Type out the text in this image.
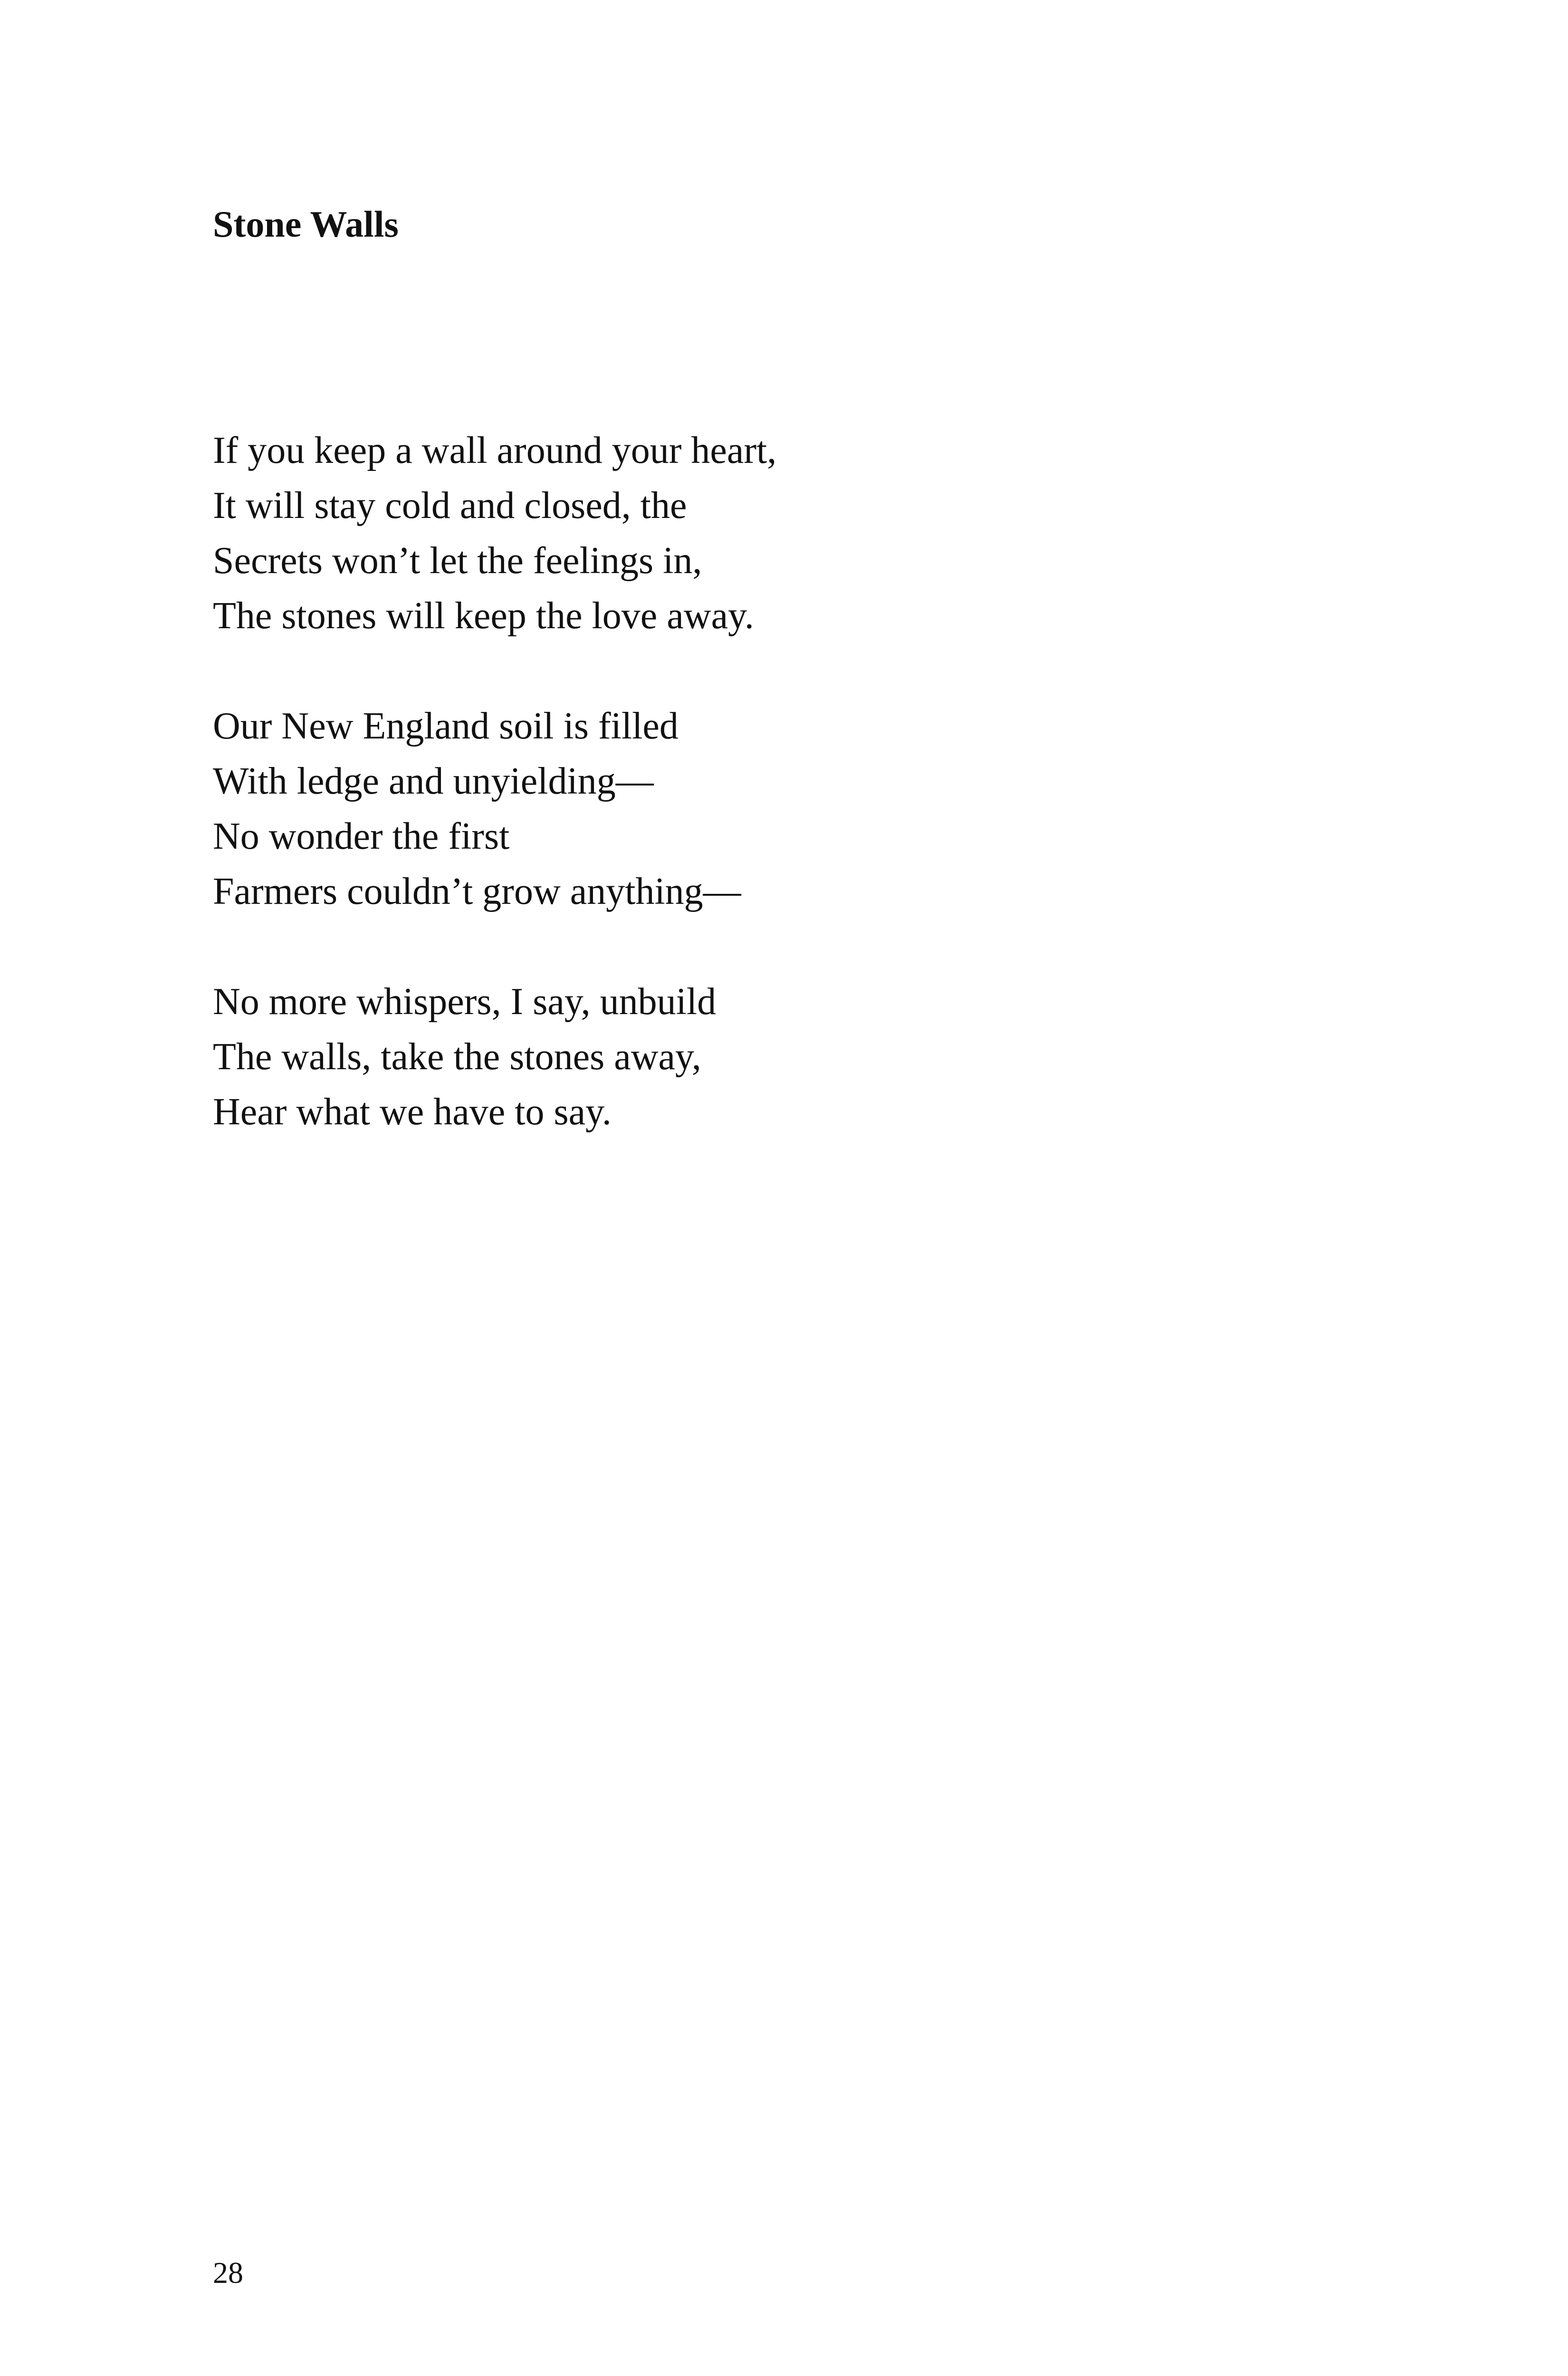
Stone Walls
If you keep a wall around your heart,
It will stay cold and closed, the
Secrets won’t let the feelings in,
The stones will keep the love away.
Our New England soil is filled
With ledge and unyielding—
No wonder the first
Farmers couldn’t grow anything—
No more whispers, I say, unbuild
The walls, take the stones away,
Hear what we have to say.
28
